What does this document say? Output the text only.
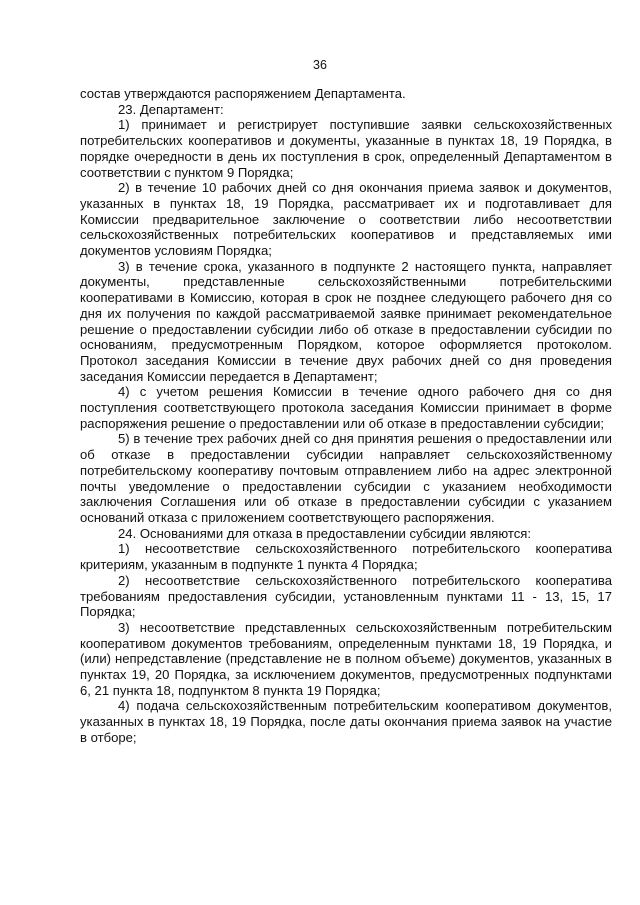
36

состав утверждаются распоряжением Департамента.

23. Департамент:

1) принимает и регистрирует поступившие заявки сельскохозяйственных потребительских кооперативов и документы, указанные в пунктах 18, 19 Порядка, в порядке очередности в день их поступления в срок, определенный Департаментом в соответствии с пунктом 9 Порядка;

2) в течение 10 рабочих дней со дня окончания приема заявок и документов, указанных в пунктах 18, 19 Порядка, рассматривает их и подготавливает для Комиссии предварительное заключение о соответствии либо несоответствии сельскохозяйственных потребительских кооперативов и представляемых ими документов условиям Порядка;

3) в течение срока, указанного в подпункте 2 настоящего пункта, направляет документы, представленные сельскохозяйственными потребительскими кооперативами в Комиссию, которая в срок не позднее следующего рабочего дня со дня их получения по каждой рассматриваемой заявке принимает рекомендательное решение о предоставлении субсидии либо об отказе в предоставлении субсидии по основаниям, предусмотренным Порядком, которое оформляется протоколом. Протокол заседания Комиссии в течение двух рабочих дней со дня проведения заседания Комиссии передается в Департамент;

4) с учетом решения Комиссии в течение одного рабочего дня со дня поступления соответствующего протокола заседания Комиссии принимает в форме распоряжения решение о предоставлении или об отказе в предоставлении субсидии;

5) в течение трех рабочих дней со дня принятия решения о предоставлении или об отказе в предоставлении субсидии направляет сельскохозяйственному потребительскому кооперативу почтовым отправлением либо на адрес электронной почты уведомление о предоставлении субсидии с указанием необходимости заключения Соглашения или об отказе в предоставлении субсидии с указанием оснований отказа с приложением соответствующего распоряжения.

24. Основаниями для отказа в предоставлении субсидии являются:

1) несоответствие сельскохозяйственного потребительского кооператива критериям, указанным в подпункте 1 пункта 4 Порядка;

2) несоответствие сельскохозяйственного потребительского кооператива требованиям предоставления субсидии, установленным пунктами 11 - 13, 15, 17 Порядка;

3) несоответствие представленных сельскохозяйственным потребительским кооперативом документов требованиям, определенным пунктами 18, 19 Порядка, и (или) непредставление (представление не в полном объеме) документов, указанных в пунктах 19, 20 Порядка, за исключением документов, предусмотренных подпунктами 6, 21 пункта 18, подпунктом 8 пункта 19 Порядка;

4) подача сельскохозяйственным потребительским кооперативом документов, указанных в пунктах 18, 19 Порядка, после даты окончания приема заявок на участие в отборе;
